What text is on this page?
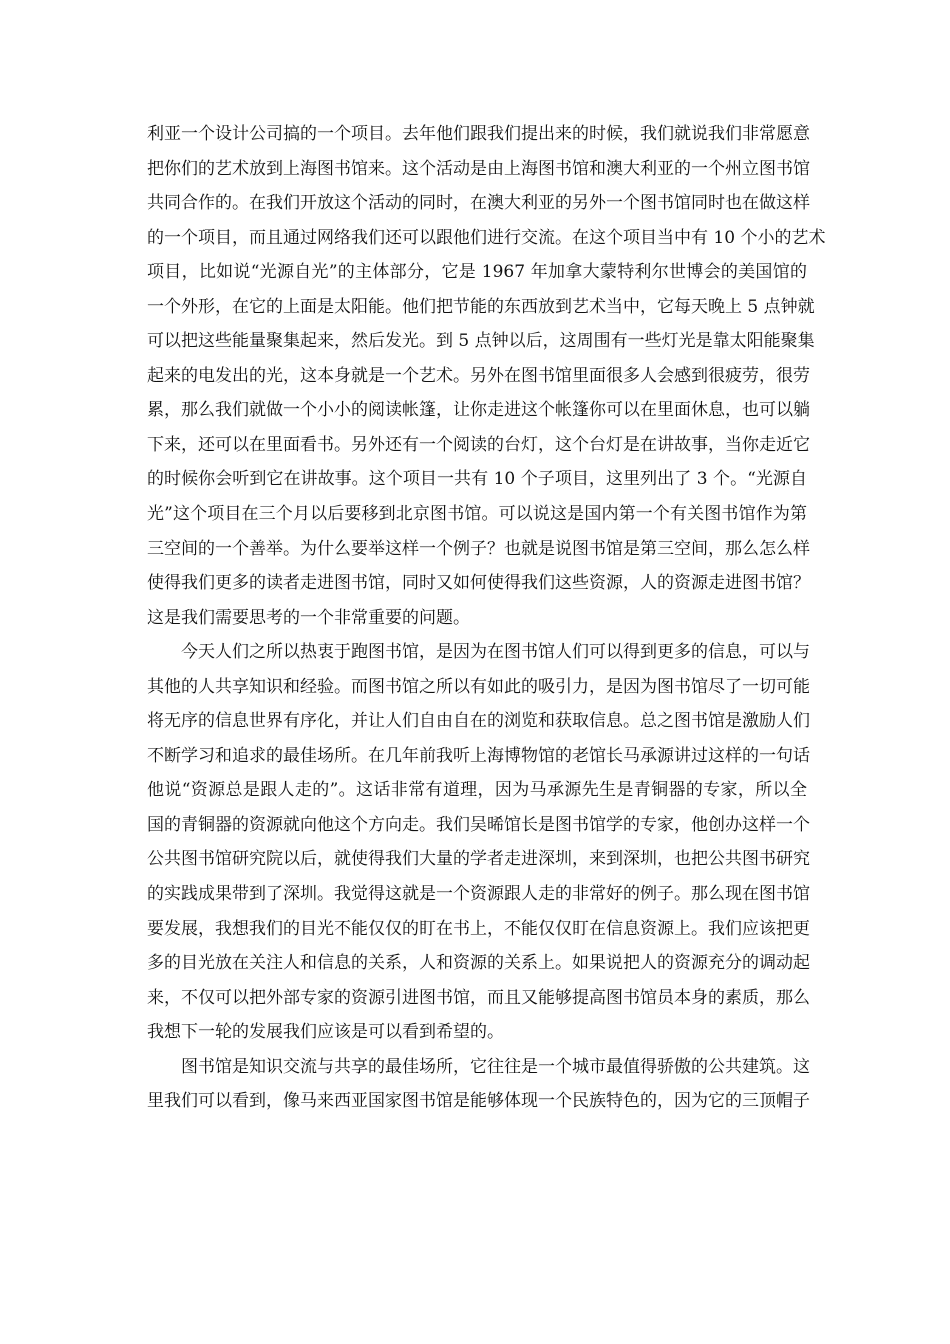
利亚一个设计公司搞的一个项目。去年他们跟我们提出来的时候，我们就说我们非常愿意
把你们的艺术放到上海图书馆来。这个活动是由上海图书馆和澳大利亚的一个州立图书馆
共同合作的。在我们开放这个活动的同时，在澳大利亚的另外一个图书馆同时也在做这样
的一个项目，而且通过网络我们还可以跟他们进行交流。在这个项目当中有 10 个小的艺术
项目，比如说“光源自光”的主体部分，它是 1967 年加拿大蒙特利尔世博会的美国馆的
一个外形，在它的上面是太阳能。他们把节能的东西放到艺术当中，它每天晚上 5 点钟就
可以把这些能量聚集起来，然后发光。到 5 点钟以后，这周围有一些灯光是靠太阳能聚集
起来的电发出的光，这本身就是一个艺术。另外在图书馆里面很多人会感到很疲劳，很劳
累，那么我们就做一个小小的阅读帐篷，让你走进这个帐篷你可以在里面休息，也可以躺
下来，还可以在里面看书。另外还有一个阅读的台灯，这个台灯是在讲故事，当你走近它
的时候你会听到它在讲故事。这个项目一共有 10 个子项目，这里列出了 3 个。“光源自
光”这个项目在三个月以后要移到北京图书馆。可以说这是国内第一个有关图书馆作为第
三空间的一个善举。为什么要举这样一个例子？也就是说图书馆是第三空间，那么怎么样
使得我们更多的读者走进图书馆，同时又如何使得我们这些资源，人的资源走进图书馆？
这是我们需要思考的一个非常重要的问题。
今天人们之所以热衷于跑图书馆，是因为在图书馆人们可以得到更多的信息，可以与
其他的人共享知识和经验。而图书馆之所以有如此的吸引力，是因为图书馆尽了一切可能
将无序的信息世界有序化，并让人们自由自在的浏览和获取信息。总之图书馆是激励人们
不断学习和追求的最佳场所。在几年前我听上海博物馆的老馆长马承源讲过这样的一句话
他说“资源总是跟人走的”。这话非常有道理，因为马承源先生是青铜器的专家，所以全
国的青铜器的资源就向他这个方向走。我们吴晞馆长是图书馆学的专家，他创办这样一个
公共图书馆研究院以后，就使得我们大量的学者走进深圳，来到深圳，也把公共图书研究
的实践成果带到了深圳。我觉得这就是一个资源跟人走的非常好的例子。那么现在图书馆
要发展，我想我们的目光不能仅仅的盯在书上，不能仅仅盯在信息资源上。我们应该把更
多的目光放在关注人和信息的关系，人和资源的关系上。如果说把人的资源充分的调动起
来，不仅可以把外部专家的资源引进图书馆，而且又能够提高图书馆员本身的素质，那么
我想下一轮的发展我们应该是可以看到希望的。
图书馆是知识交流与共享的最佳场所，它往往是一个城市最值得骄傲的公共建筑。这
里我们可以看到，像马来西亚国家图书馆是能够体现一个民族特色的，因为它的三顶帽子
